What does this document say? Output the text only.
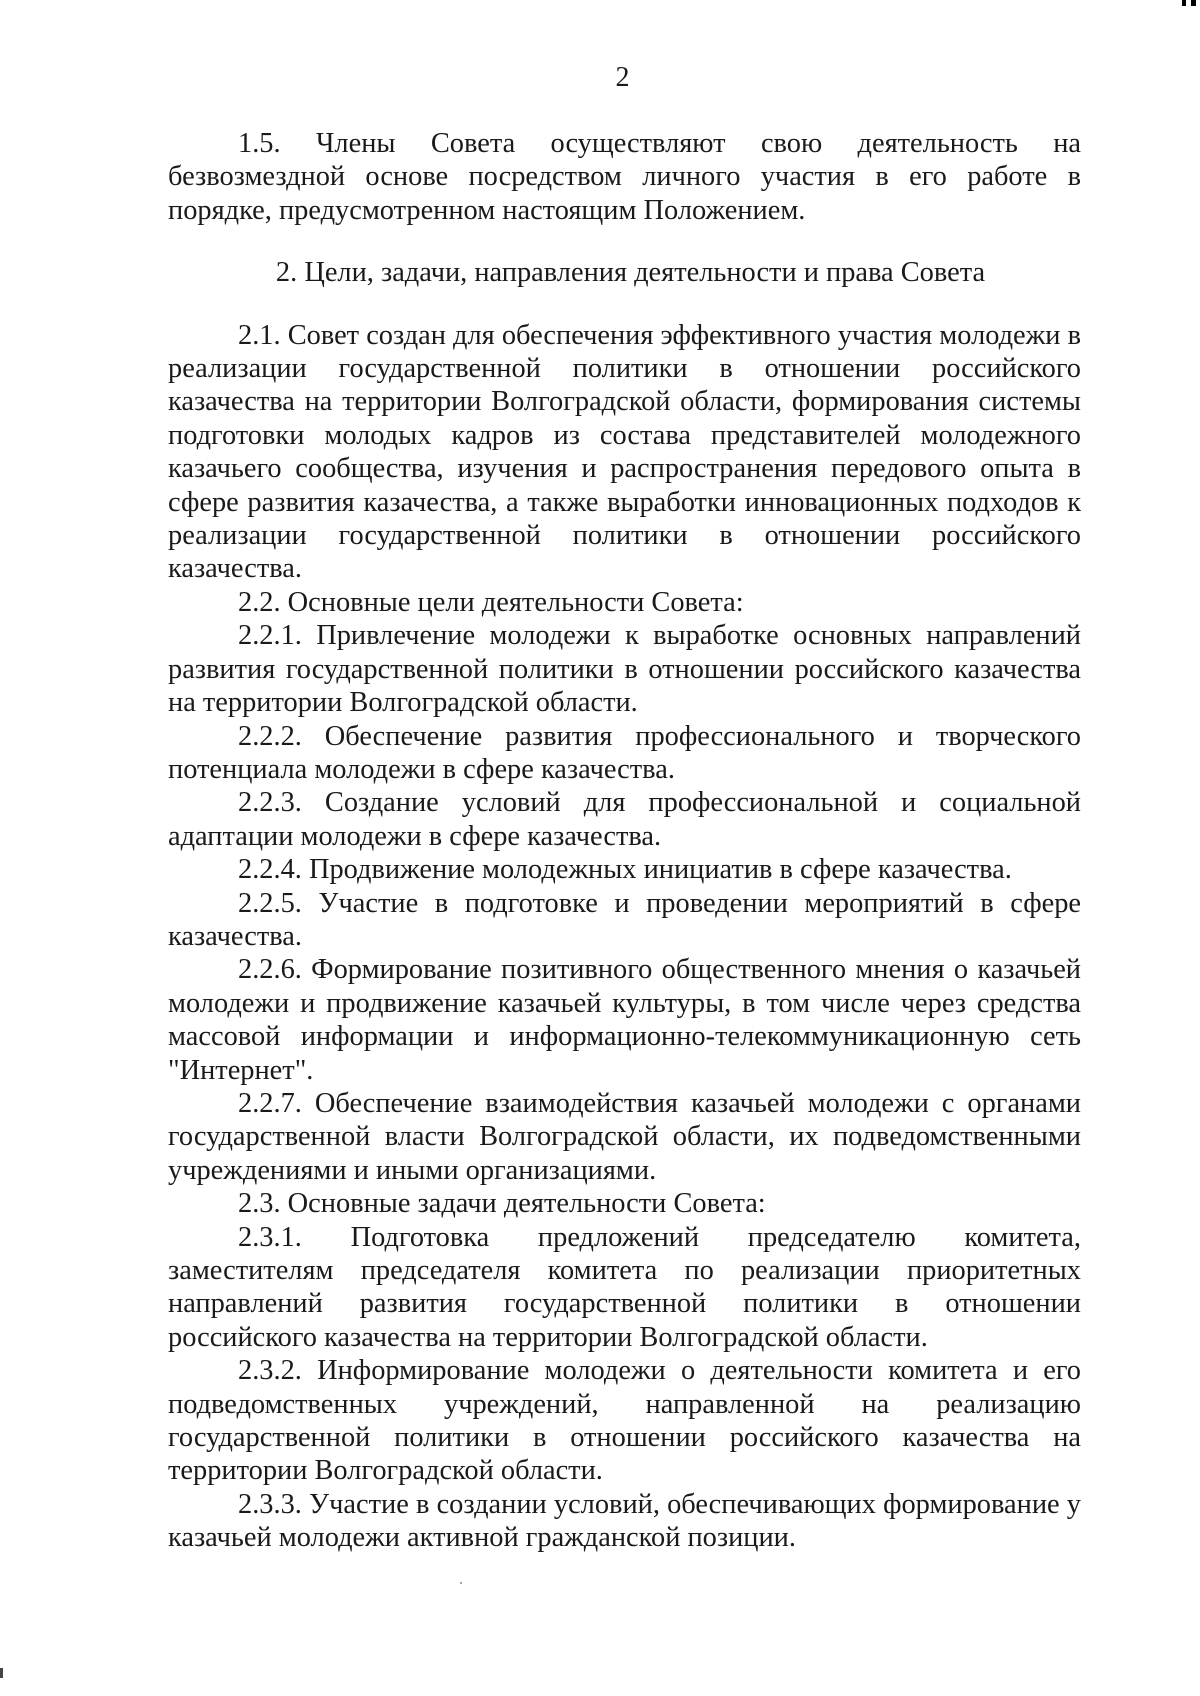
2

1.5. Члены Совета осуществляют свою деятельность на безвозмездной основе посредством личного участия в его работе в порядке, предусмотренном настоящим Положением.

2. Цели, задачи, направления деятельности и права Совета

2.1. Совет создан для обеспечения эффективного участия молодежи в реализации государственной политики в отношении российского казачества на территории Волгоградской области, формирования системы подготовки молодых кадров из состава представителей молодежного казачьего сообщества, изучения и распространения передового опыта в сфере развития казачества, а также выработки инновационных подходов к реализации государственной политики в отношении российского казачества.

2.2. Основные цели деятельности Совета:

2.2.1. Привлечение молодежи к выработке основных направлений развития государственной политики в отношении российского казачества на территории Волгоградской области.

2.2.2. Обеспечение развития профессионального и творческого потенциала молодежи в сфере казачества.

2.2.3. Создание условий для профессиональной и социальной адаптации молодежи в сфере казачества.

2.2.4. Продвижение молодежных инициатив в сфере казачества.

2.2.5. Участие в подготовке и проведении мероприятий в сфере казачества.

2.2.6. Формирование позитивного общественного мнения о казачьей молодежи и продвижение казачьей культуры, в том числе через средства массовой информации и информационно-телекоммуникационную сеть "Интернет".

2.2.7. Обеспечение взаимодействия казачьей молодежи с органами государственной власти Волгоградской области, их подведомственными учреждениями и иными организациями.

2.3. Основные задачи деятельности Совета:

2.3.1. Подготовка предложений председателю комитета, заместителям председателя комитета по реализации приоритетных направлений развития государственной политики в отношении российского казачества на территории Волгоградской области.

2.3.2. Информирование молодежи о деятельности комитета и его подведомственных учреждений, направленной на реализацию государственной политики в отношении российского казачества на территории Волгоградской области.

2.3.3. Участие в создании условий, обеспечивающих формирование у казачьей молодежи активной гражданской позиции.
